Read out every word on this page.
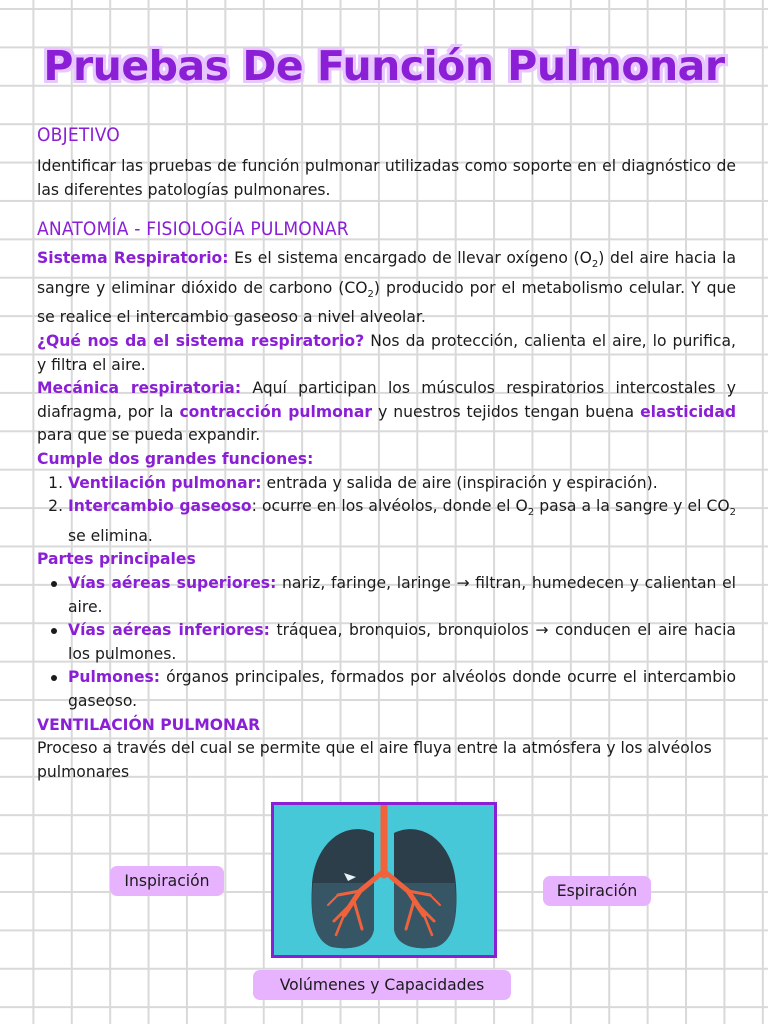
Pruebas De Función Pulmonar
OBJETIVO

Identificar las pruebas de función pulmonar utilizadas como soporte en el diagnóstico de las diferentes patologías pulmonares.

ANATOMÍA - FISIOLOGÍA PULMONAR

Sistema Respiratorio: Es el sistema encargado de llevar oxígeno $(O_2)$ del aire hacia la sangre y eliminar dióxido de carbono $(CO_2)$ producido por el metabolismo celular. Y que se realice el intercambio gaseoso a nivel alveolar.

¿Qué nos da el sistema respiratorio? Nos da protección, calienta el aire, lo purifica, y filtra el aire.

Mecánica respiratoria: Aquí participan los músculos respiratorios intercostales y diafragma, por la contracción pulmonar y nuestros tejidos tengan buena elasticidad para que se pueda expandir.

Cumple dos grandes funciones:

1. Ventilación pulmonar: entrada y salida de aire (inspiración y espiración).
2. Intercambio gaseoso: ocurre en los alvéolos, donde el $O_2$ pasa a la sangre y el $CO_2$ se elimina.

Partes principales

Vías aéreas superiores: nariz, faringe, laringe → filtran, humedecen y calientan el aire.
Vías aéreas inferiores: tráquea, bronquios, bronquiolos → conducen el aire hacia los pulmones.
Pulmones: órganos principales, formados por alvéolos donde ocurre el intercambio gaseoso.

VENTILACIÓN PULMONAR

Proceso a través del cual se permite que el aire fluya entre la atmósfera y los alvéolos pulmonares

Inspiración
Espiración
Volúmenes y Capacidades
